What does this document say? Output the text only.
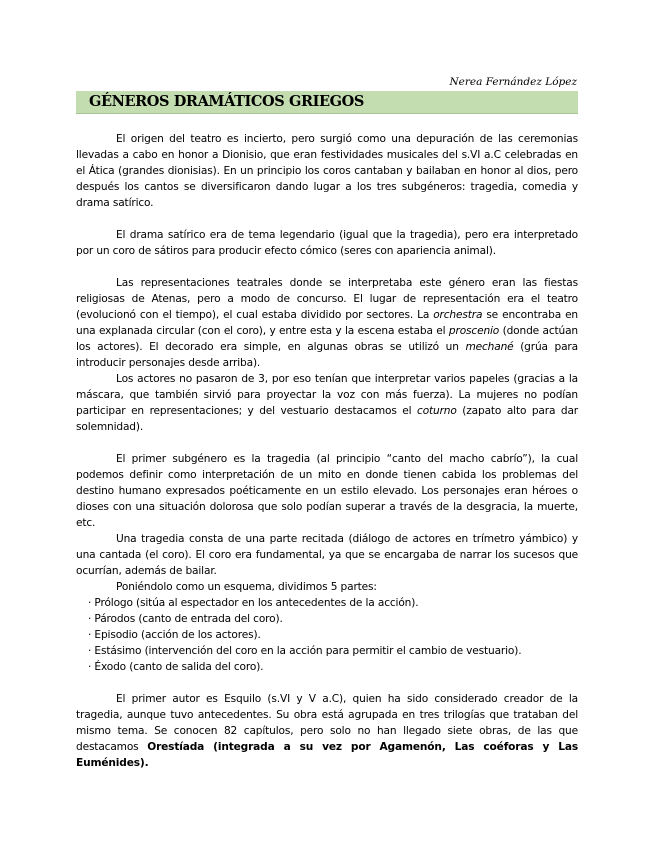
Nerea Fernández López
GÉNEROS DRAMÁTICOS GRIEGOS

El origen del teatro es incierto, pero surgió como una depuración de las ceremonias llevadas a cabo en honor a Dionisio, que eran festividades musicales del s.VI a.C celebradas en el Ática (grandes dionisias). En un principio los coros cantaban y bailaban en honor al dios, pero después los cantos se diversificaron dando lugar a los tres subgéneros: tragedia, comedia y drama satírico.

El drama satírico era de tema legendario (igual que la tragedia), pero era interpretado por un coro de sátiros para producir efecto cómico (seres con apariencia animal).

Las representaciones teatrales donde se interpretaba este género eran las fiestas religiosas de Atenas, pero a modo de concurso. El lugar de representación era el teatro (evolucionó con el tiempo), el cual estaba dividido por sectores. La orchestra se encontraba en una explanada circular (con el coro), y entre esta y la escena estaba el proscenio (donde actúan los actores). El decorado era simple, en algunas obras se utilizó un mechané (grúa para introducir personajes desde arriba).

Los actores no pasaron de 3, por eso tenían que interpretar varios papeles (gracias a la máscara, que también sirvió para proyectar la voz con más fuerza). La mujeres no podían participar en representaciones; y del vestuario destacamos el coturno (zapato alto para dar solemnidad).

El primer subgénero es la tragedia (al principio “canto del macho cabrío”), la cual podemos definir como interpretación de un mito en donde tienen cabida los problemas del destino humano expresados poéticamente en un estilo elevado. Los personajes eran héroes o dioses con una situación dolorosa que solo podían superar a través de la desgracia, la muerte, etc.

Una tragedia consta de una parte recitada (diálogo de actores en trímetro yámbico) y una cantada (el coro). El coro era fundamental, ya que se encargaba de narrar los sucesos que ocurrían, además de bailar.

Poniéndolo como un esquema, dividimos 5 partes:

· Prólogo (sitúa al espectador en los antecedentes de la acción).
· Párodos (canto de entrada del coro).
· Episodio (acción de los actores).
· Estásimo (intervención del coro en la acción para permitir el cambio de vestuario).
· Éxodo (canto de salida del coro).

El primer autor es Esquilo (s.VI y V a.C), quien ha sido considerado creador de la tragedia, aunque tuvo antecedentes. Su obra está agrupada en tres trilogías que trataban del mismo tema. Se conocen 82 capítulos, pero solo no han llegado siete obras, de las que destacamos Orestíada (integrada a su vez por Agamenón, Las coéforas y Las Euménides).
